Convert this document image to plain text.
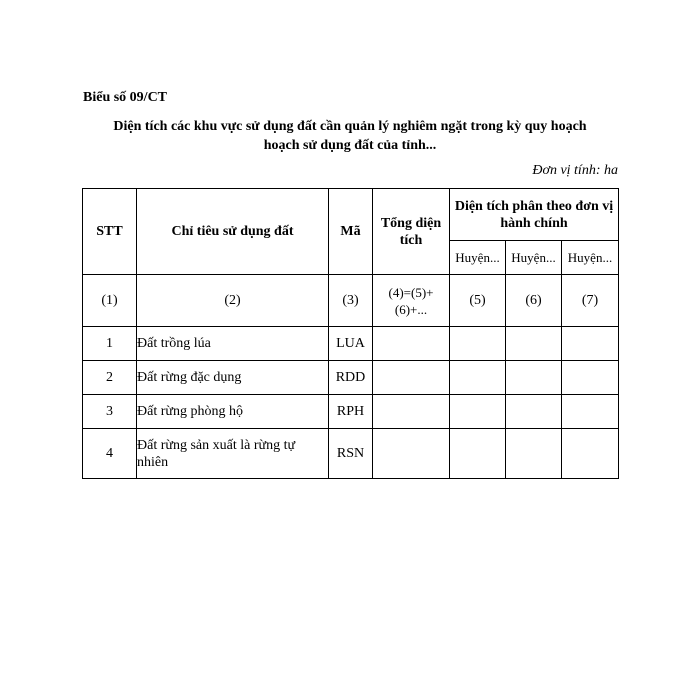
Biểu số 09/CT
Diện tích các khu vực sử dụng đất cần quản lý nghiêm ngặt trong kỳ quy hoạch
hoạch sử dụng đất của tỉnh...
Đơn vị tính: ha
STT	Chỉ tiêu sử dụng đất	Mã	Tổng diện tích	Diện tích phân theo đơn vị hành chính		
				Huyện...	Huyện...	Huyện...
(1)	(2)	(3)	(4)=(5)+(6)+...	(5)	(6)	(7)
1	Đất trồng lúa	LUA				
2	Đất rừng đặc dụng	RDD				
3	Đất rừng phòng hộ	RPH				
4	Đất rừng sản xuất là rừng tự nhiên	RSN				
